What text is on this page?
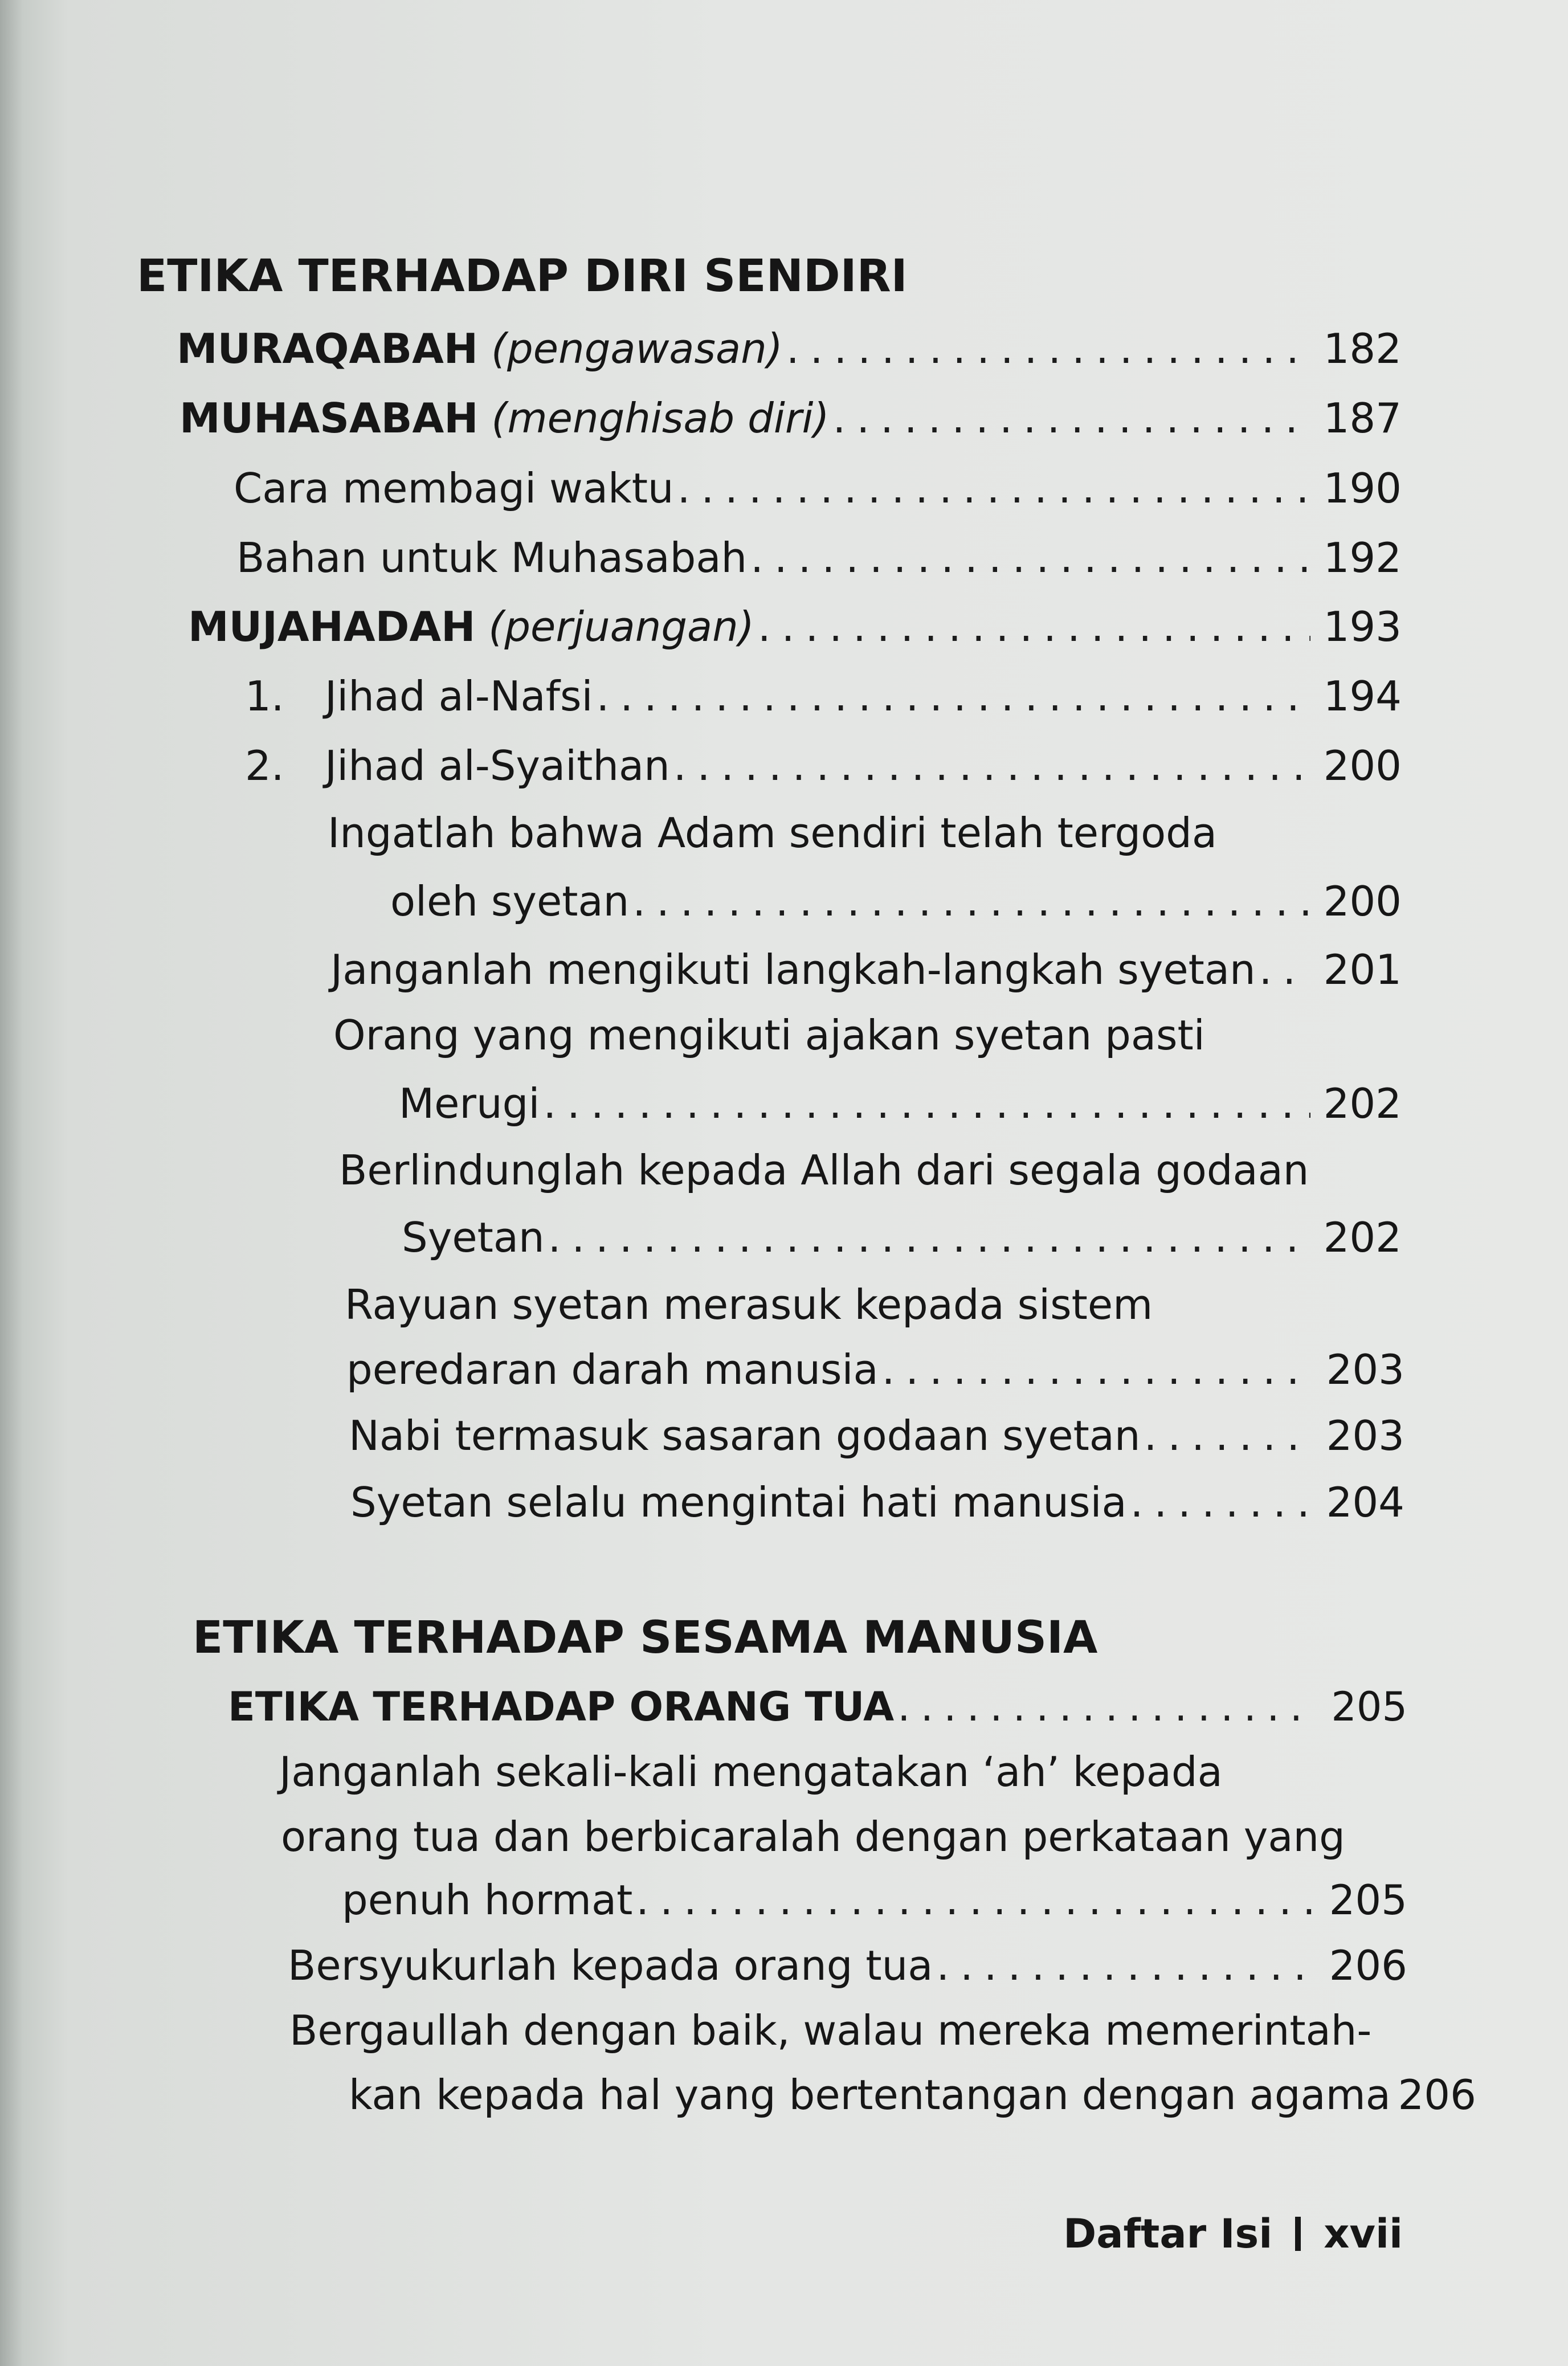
ETIKA TERHADAP DIRI SENDIRI
MURAQABAH (pengawasan) . . .	182
MUHASABAH (menghisab diri) . . .	187
Cara membagi waktu . . .	190
Bahan untuk Muhasabah . . .	192
MUJAHADAH (perjuangan) . . .	193
1. Jihad al-Nafsi . . .	194
2. Jihad al-Syaithan . . .	200
Ingatlah bahwa Adam sendiri telah tergoda
oleh syetan . . .	200
Janganlah mengikuti langkah-langkah syetan . . . 201
Orang yang mengikuti ajakan syetan pasti
Merugi . . .	202
Berlindunglah kepada Allah dari segala godaan
Syetan . . .	202
Rayuan syetan merasuk kepada sistem
peredaran darah manusia . . .	203
Nabi termasuk sasaran godaan syetan . . .	203
Syetan selalu mengintai hati manusia . . .	204
ETIKA TERHADAP SESAMA MANUSIA
ETIKA TERHADAP ORANG TUA . . .	205
Janganlah sekali-kali mengatakan ‘ah’ kepada
orang tua dan berbicaralah dengan perkataan yang
penuh hormat . . .	205
Bersyukurlah kepada orang tua . . .	206
Bergaullah dengan baik, walau mereka memerintah-
kan kepada hal yang bertentangan dengan agama 206
Daftar Isi xvii
